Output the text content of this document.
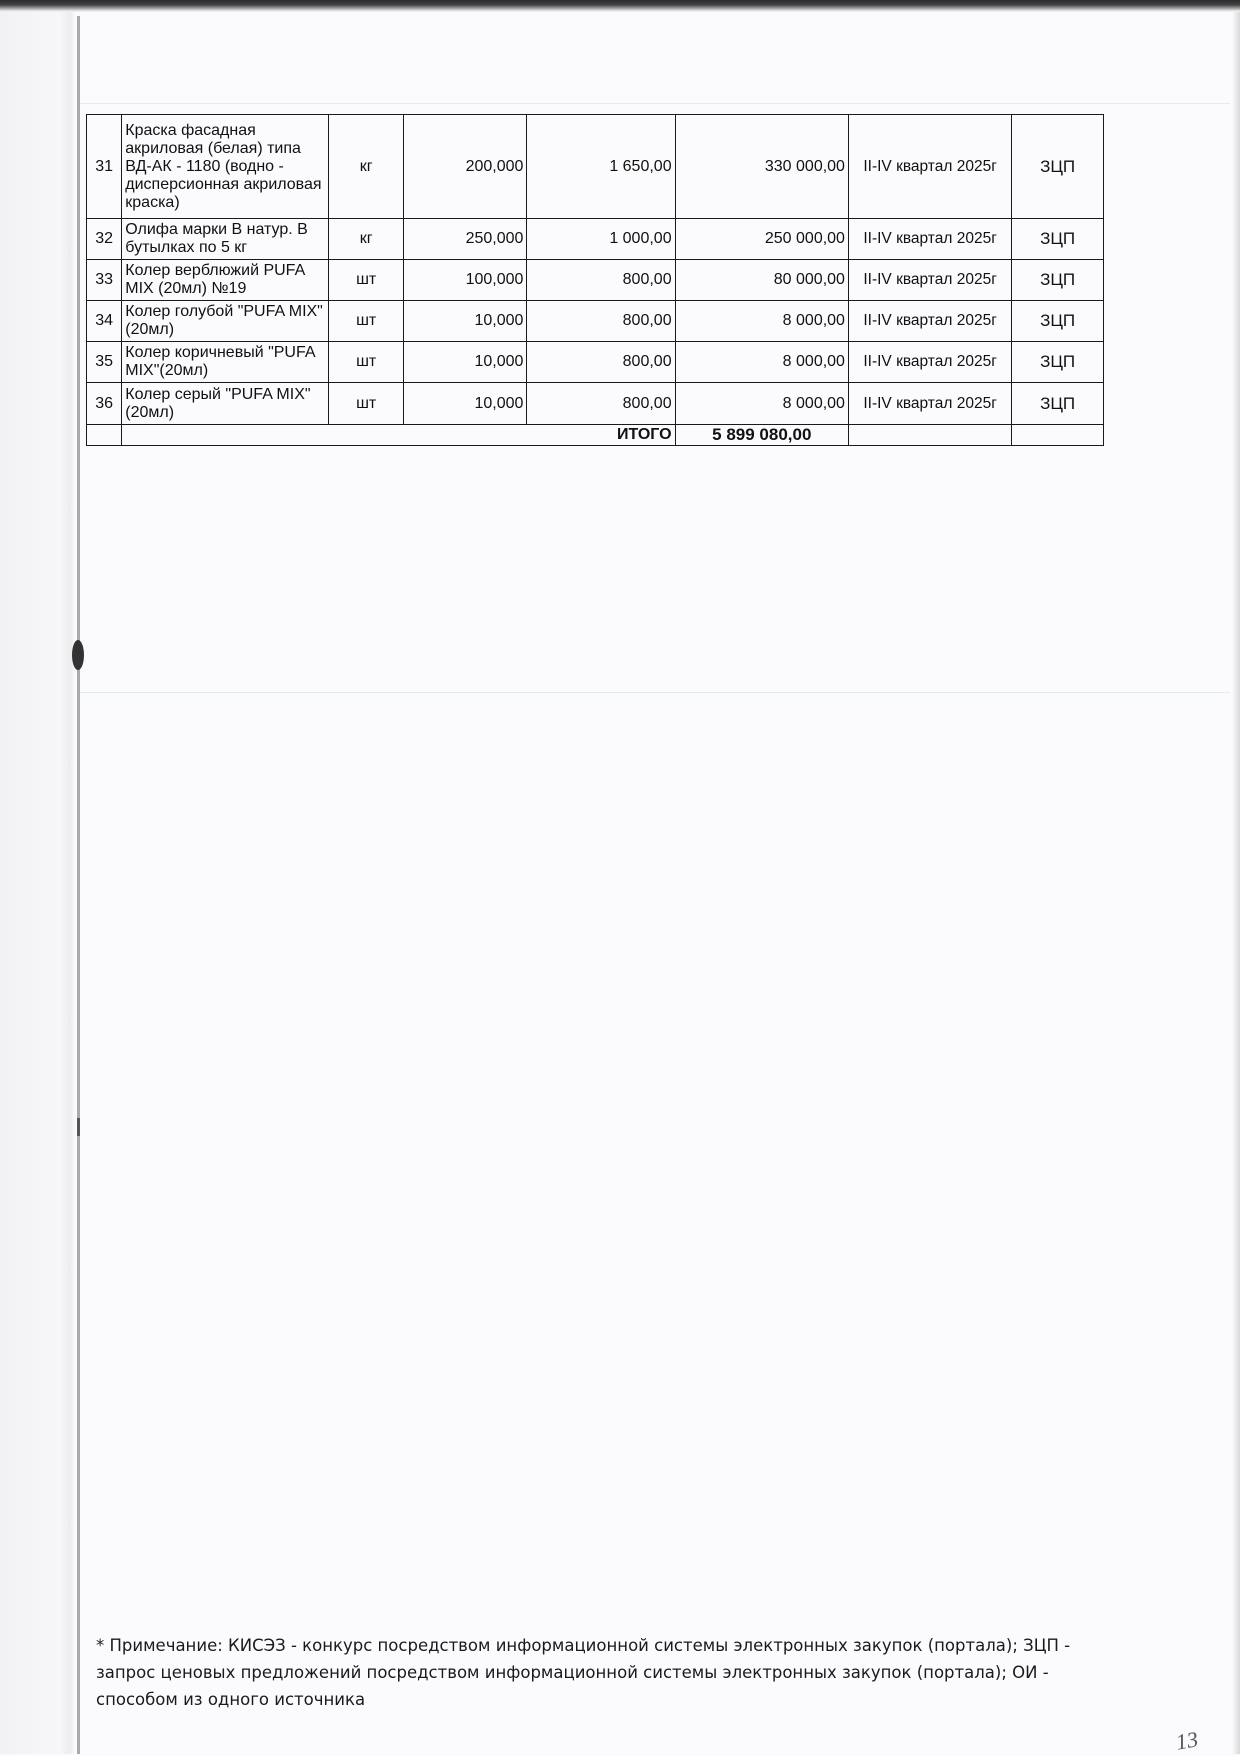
31	Краска фасадная акриловая (белая) типа ВД-АК - 1180 (водно - дисперсионная акриловая краска)	кг	200,000	1 650,00	330 000,00	II-IV квартал 2025г	ЗЦП
32	Олифа марки В натур. В бутылках по 5 кг	кг	250,000	1 000,00	250 000,00	II-IV квартал 2025г	ЗЦП
33	Колер верблюжий PUFA MIX (20мл) №19	шт	100,000	800,00	80 000,00	II-IV квартал 2025г	ЗЦП
34	Колер голубой "PUFA MIX"(20мл)	шт	10,000	800,00	8 000,00	II-IV квартал 2025г	ЗЦП
35	Колер коричневый "PUFA MIX"(20мл)	шт	10,000	800,00	8 000,00	II-IV квартал 2025г	ЗЦП
36	Колер серый "PUFA MIX"(20мл)	шт	10,000	800,00	8 000,00	II-IV квартал 2025г	ЗЦП
	ИТОГО				5 899 080,00		
* Примечание: КИСЭЗ - конкурс посредством информационной системы электронных закупок (портала); ЗЦП - запрос ценовых предложений посредством информационной системы электронных закупок (портала); ОИ - способом из одного источника
13
